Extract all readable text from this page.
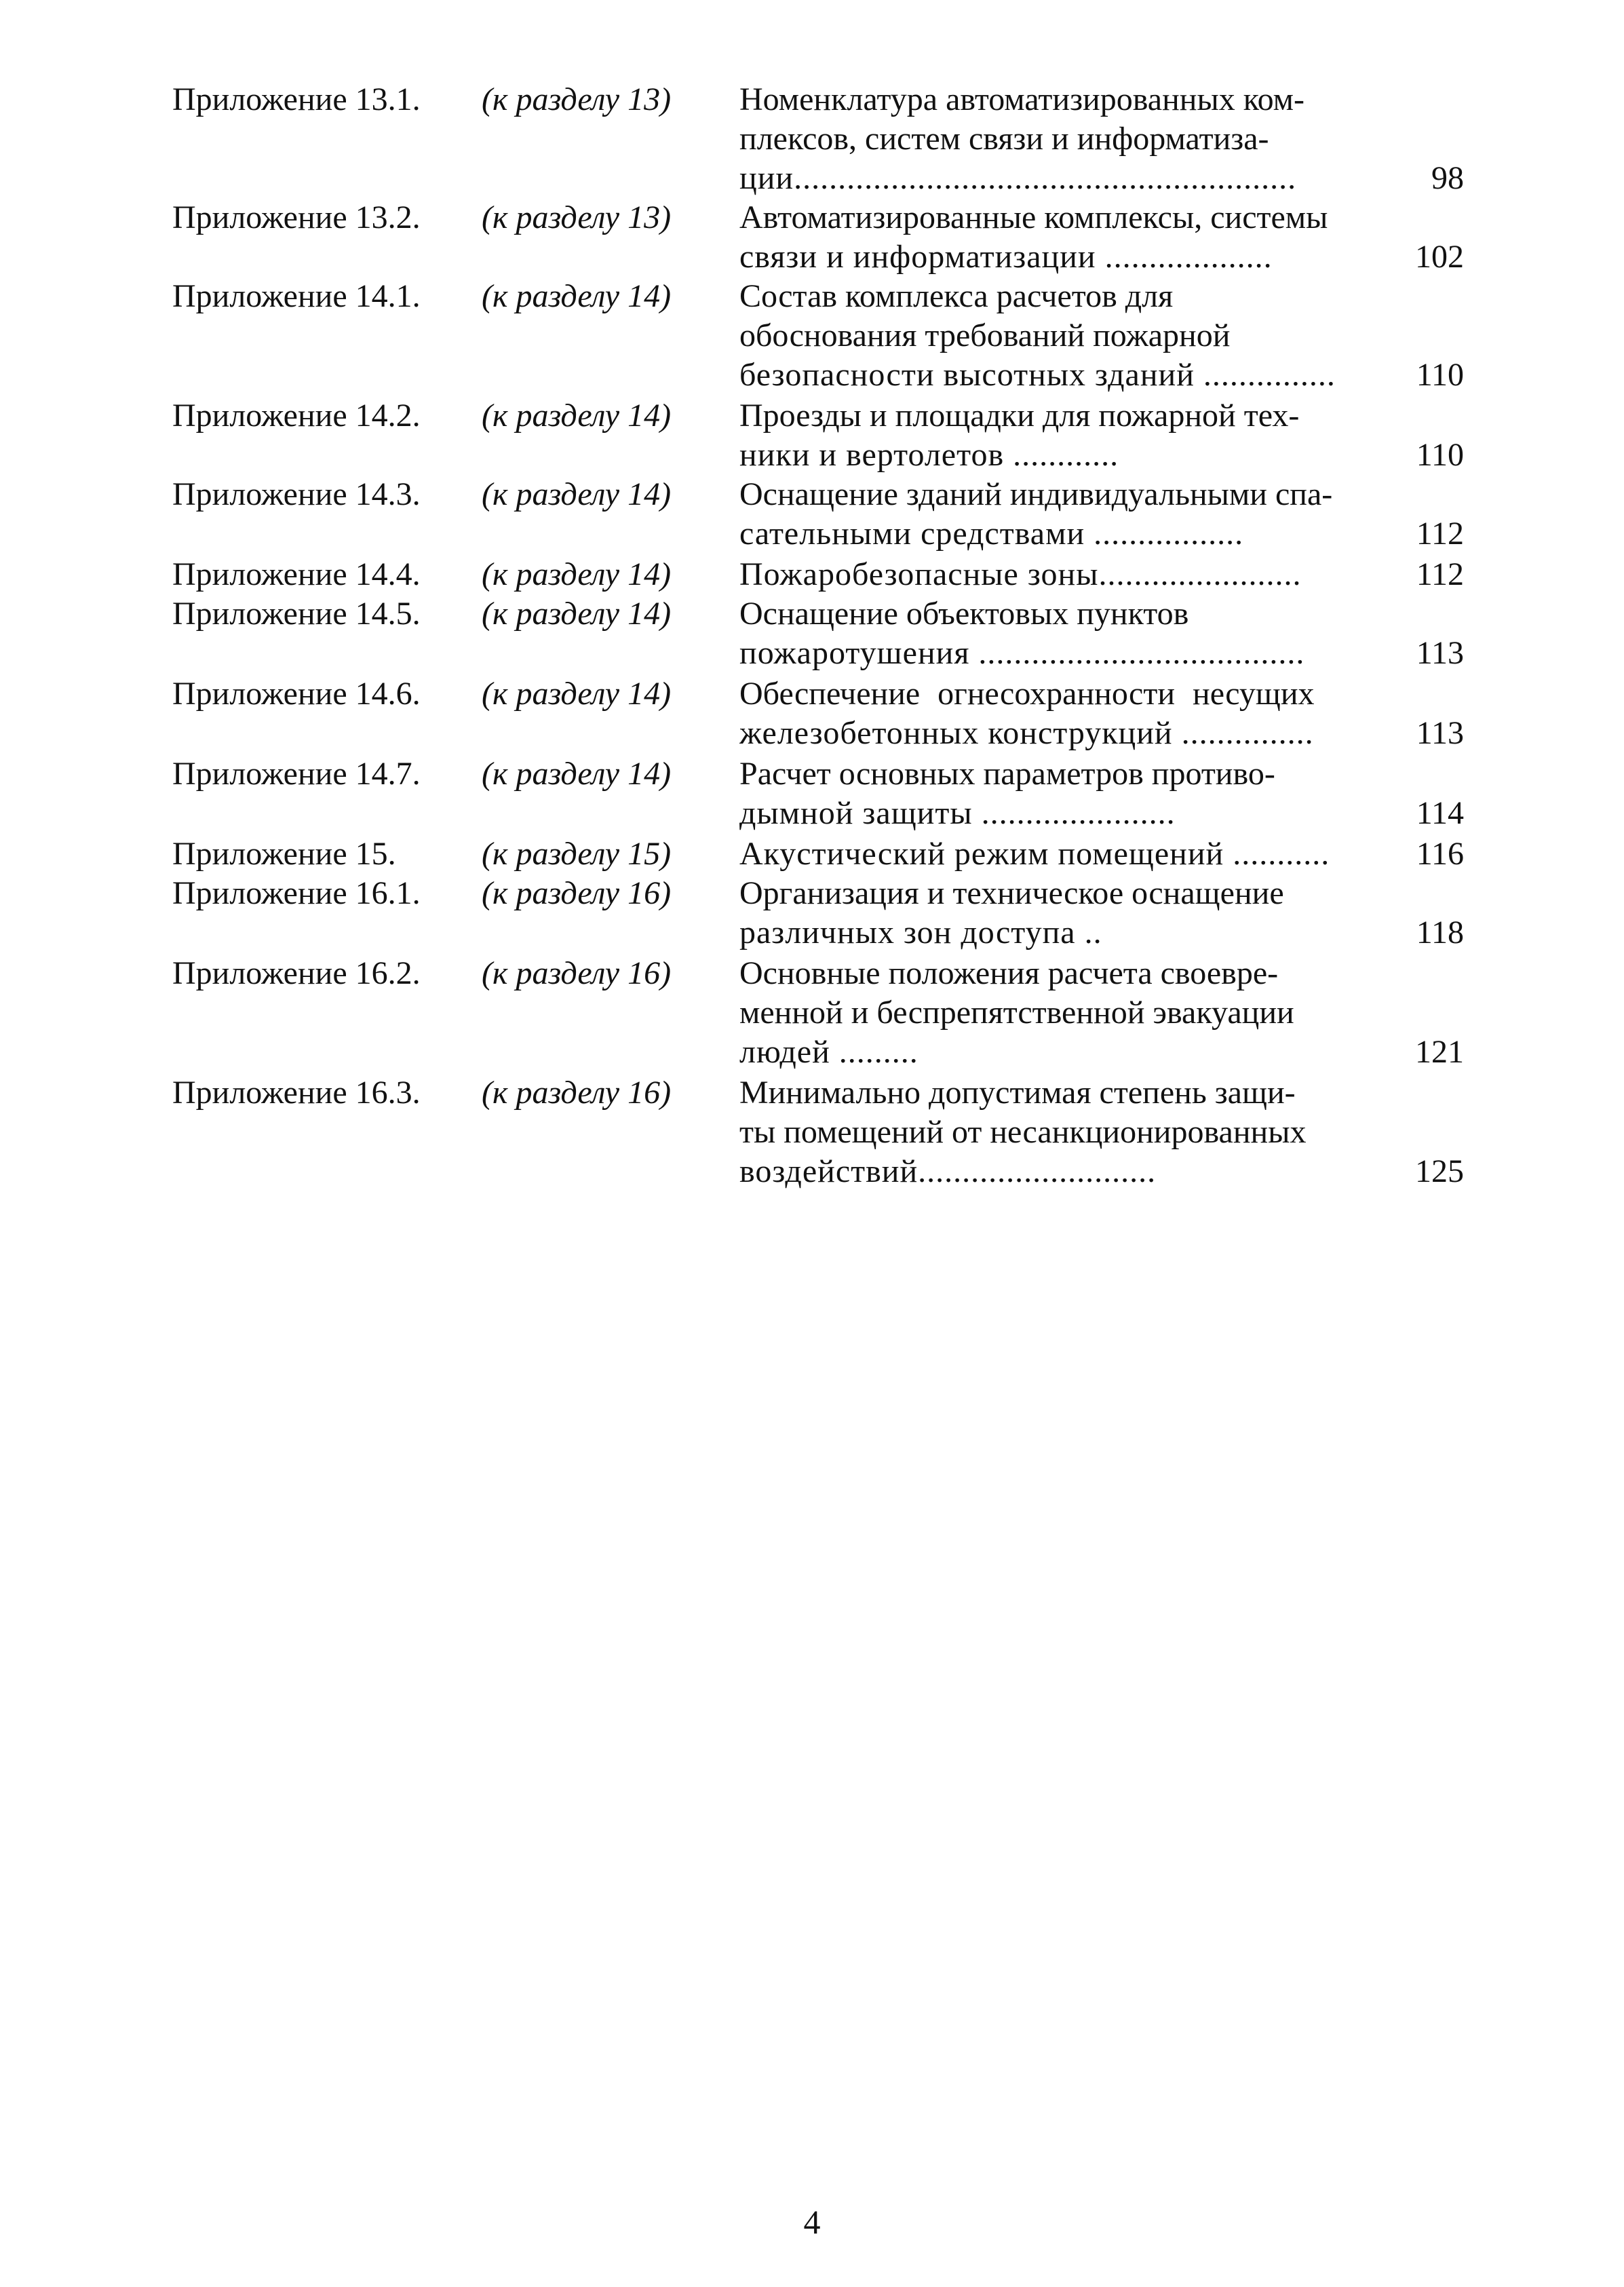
Приложение 13.1. (к разделу 13) Номенклатура автоматизированных ком-
плексов, систем связи и информатиза-
ции.........................................................	98
Приложение 13.2. (к разделу 13) Автоматизированные комплексы, системы
связи и информатизации ...................	102
Приложение 14.1. (к разделу 14) Состав комплекса расчетов для
обоснования требований пожарной
безопасности высотных зданий ...............	110
Приложение 14.2. (к разделу 14) Проезды и площадки для пожарной тех-
ники и вертолетов ............	110
Приложение 14.3. (к разделу 14) Оснащение зданий индивидуальными спа-
сательными средствами .................	112
Приложение 14.4. (к разделу 14) Пожаробезопасные зоны.......................	112
Приложение 14.5. (к разделу 14) Оснащение объектовых пунктов
пожаротушения .....................................	113
Приложение 14.6. (к разделу 14) Обеспечение огнесохранности несущих
железобетонных конструкций ...............	113
Приложение 14.7. (к разделу 14) Расчет основных параметров противо-
дымной защиты ......................	114
Приложение 15.	(к разделу 15) Акустический режим помещений ...........	116
Приложение 16.1. (к разделу 16) Организация и техническое оснащение
различных зон доступа ..	118
Приложение 16.2. (к разделу 16) Основные положения расчета своевре-
менной и беспрепятственной эвакуации
людей .........	121
Приложение 16.3. (к разделу 16) Минимально допустимая степень защи-
ты помещений от несанкционированных
воздействий...........................	125
4
